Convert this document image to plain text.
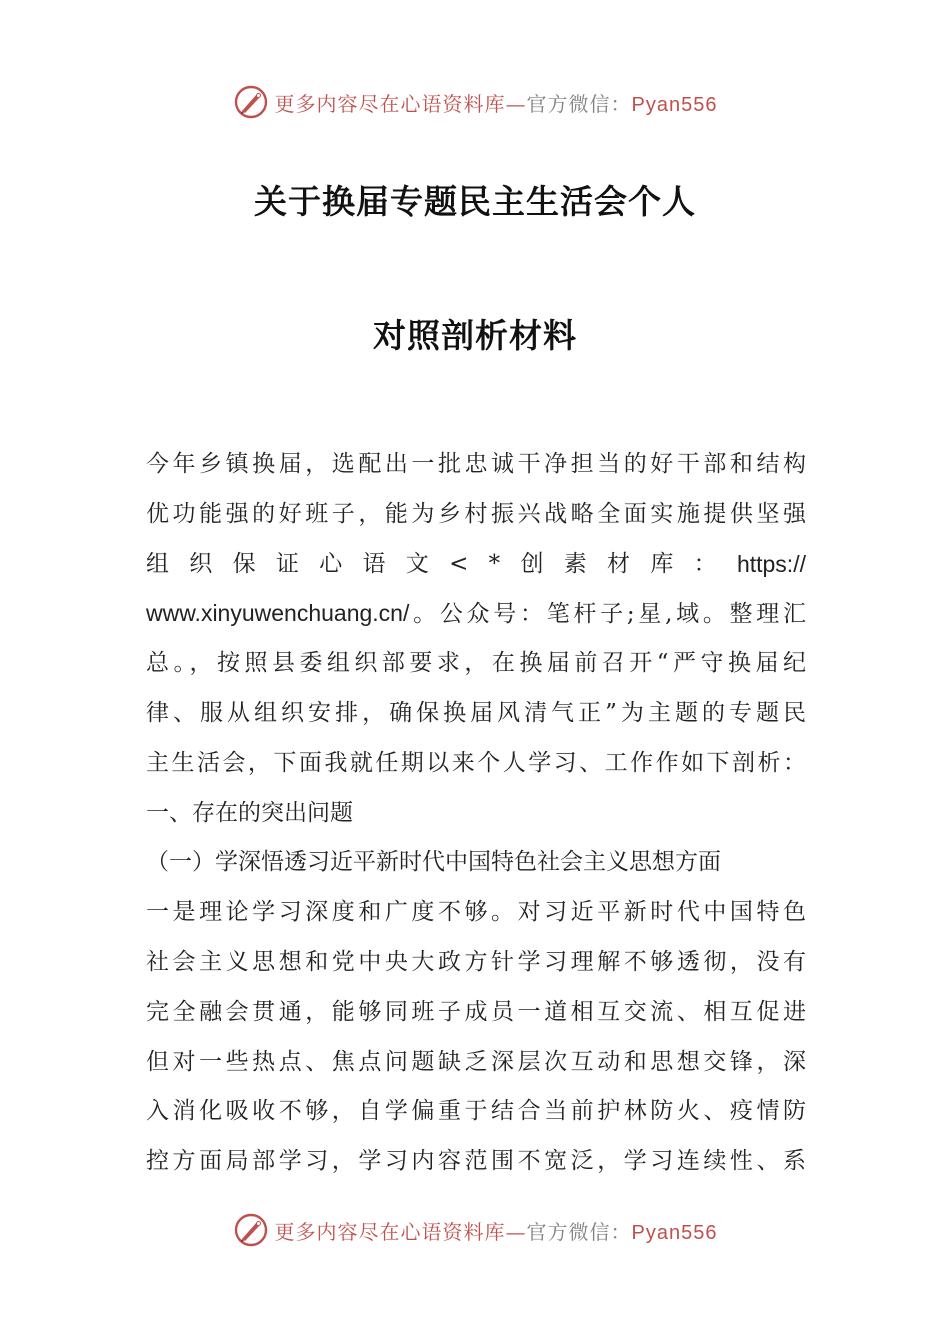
更多内容尽在心语资料库—官方微信：Pyan556
关于换届专题民主生活会个人
对照剖析材料
今年乡镇换届，选配出一批忠诚干净担当的好干部和结构
优功能强的好班子，能为乡村振兴战略全面实施提供坚强
组 织 保 证 心 语 文 < * 创 素 材 库 ： https://
www.xinyuwenchuang.cn/。公众号：笔杆子;星,域。整理汇
总。，按照县委组织部要求，在换届前召开“严守换届纪
律、服从组织安排，确保换届风清气正”为主题的专题民
主生活会，下面我就任期以来个人学习、工作作如下剖析：
一、存在的突出问题
（一）学深悟透习近平新时代中国特色社会主义思想方面
一是理论学习深度和广度不够。对习近平新时代中国特色
社会主义思想和党中央大政方针学习理解不够透彻，没有
完全融会贯通，能够同班子成员一道相互交流、相互促进
但对一些热点、焦点问题缺乏深层次互动和思想交锋，深
入消化吸收不够，自学偏重于结合当前护林防火、疫情防
控方面局部学习，学习内容范围不宽泛，学习连续性、系
更多内容尽在心语资料库—官方微信：Pyan556
